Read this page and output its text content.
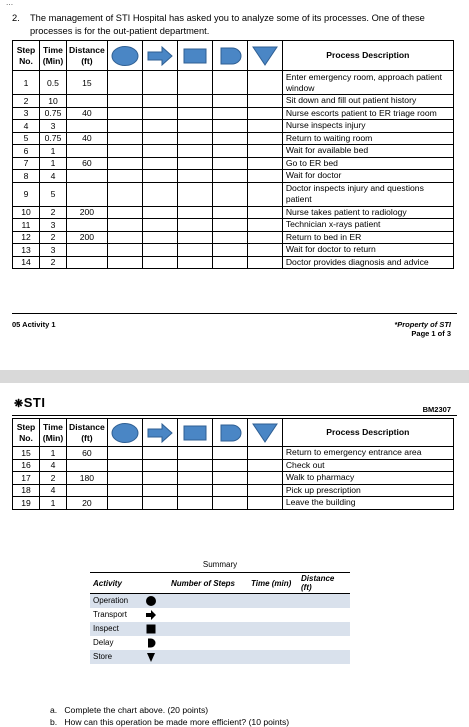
...
2. The management of STI Hospital has asked you to analyze some of its processes. One of these processes is for the out-patient department.
Step No.	Time (Min)	Distance (ft)						Process Description
1	0.5	15						Enter emergency room, approach patient window
2	10							Sit down and fill out patient history
3	0.75	40						Nurse escorts patient to ER triage room
4	3							Nurse inspects injury
5	0.75	40						Return to waiting room
6	1							Wait for available bed
7	1	60						Go to ER bed
8	4							Wait for doctor
9	5							Doctor inspects injury and questions patient
10	2	200						Nurse takes patient to radiology
11	3							Technician x-rays patient
12	2	200						Return to bed in ER
13	3							Wait for doctor to return
14	2							Doctor provides diagnosis and advice
05 Activity 1	*Property of STI
Page 1 of 3
❋STI	BM2307
Step No.	Time (Min)	Distance (ft)						Process Description
15	1	60						Return to emergency entrance area
16	4							Check out
17	2	180						Walk to pharmacy
18	4							Pick up prescription
19	1	20						Leave the building
Summary
Activity	Number of Steps	Time (min)	Distance (ft)
Operation			
Transport			
Inspect			
Delay			
Store			
a.   Complete the chart above. (20 points)
b.   How can this operation be made more efficient? (10 points)
